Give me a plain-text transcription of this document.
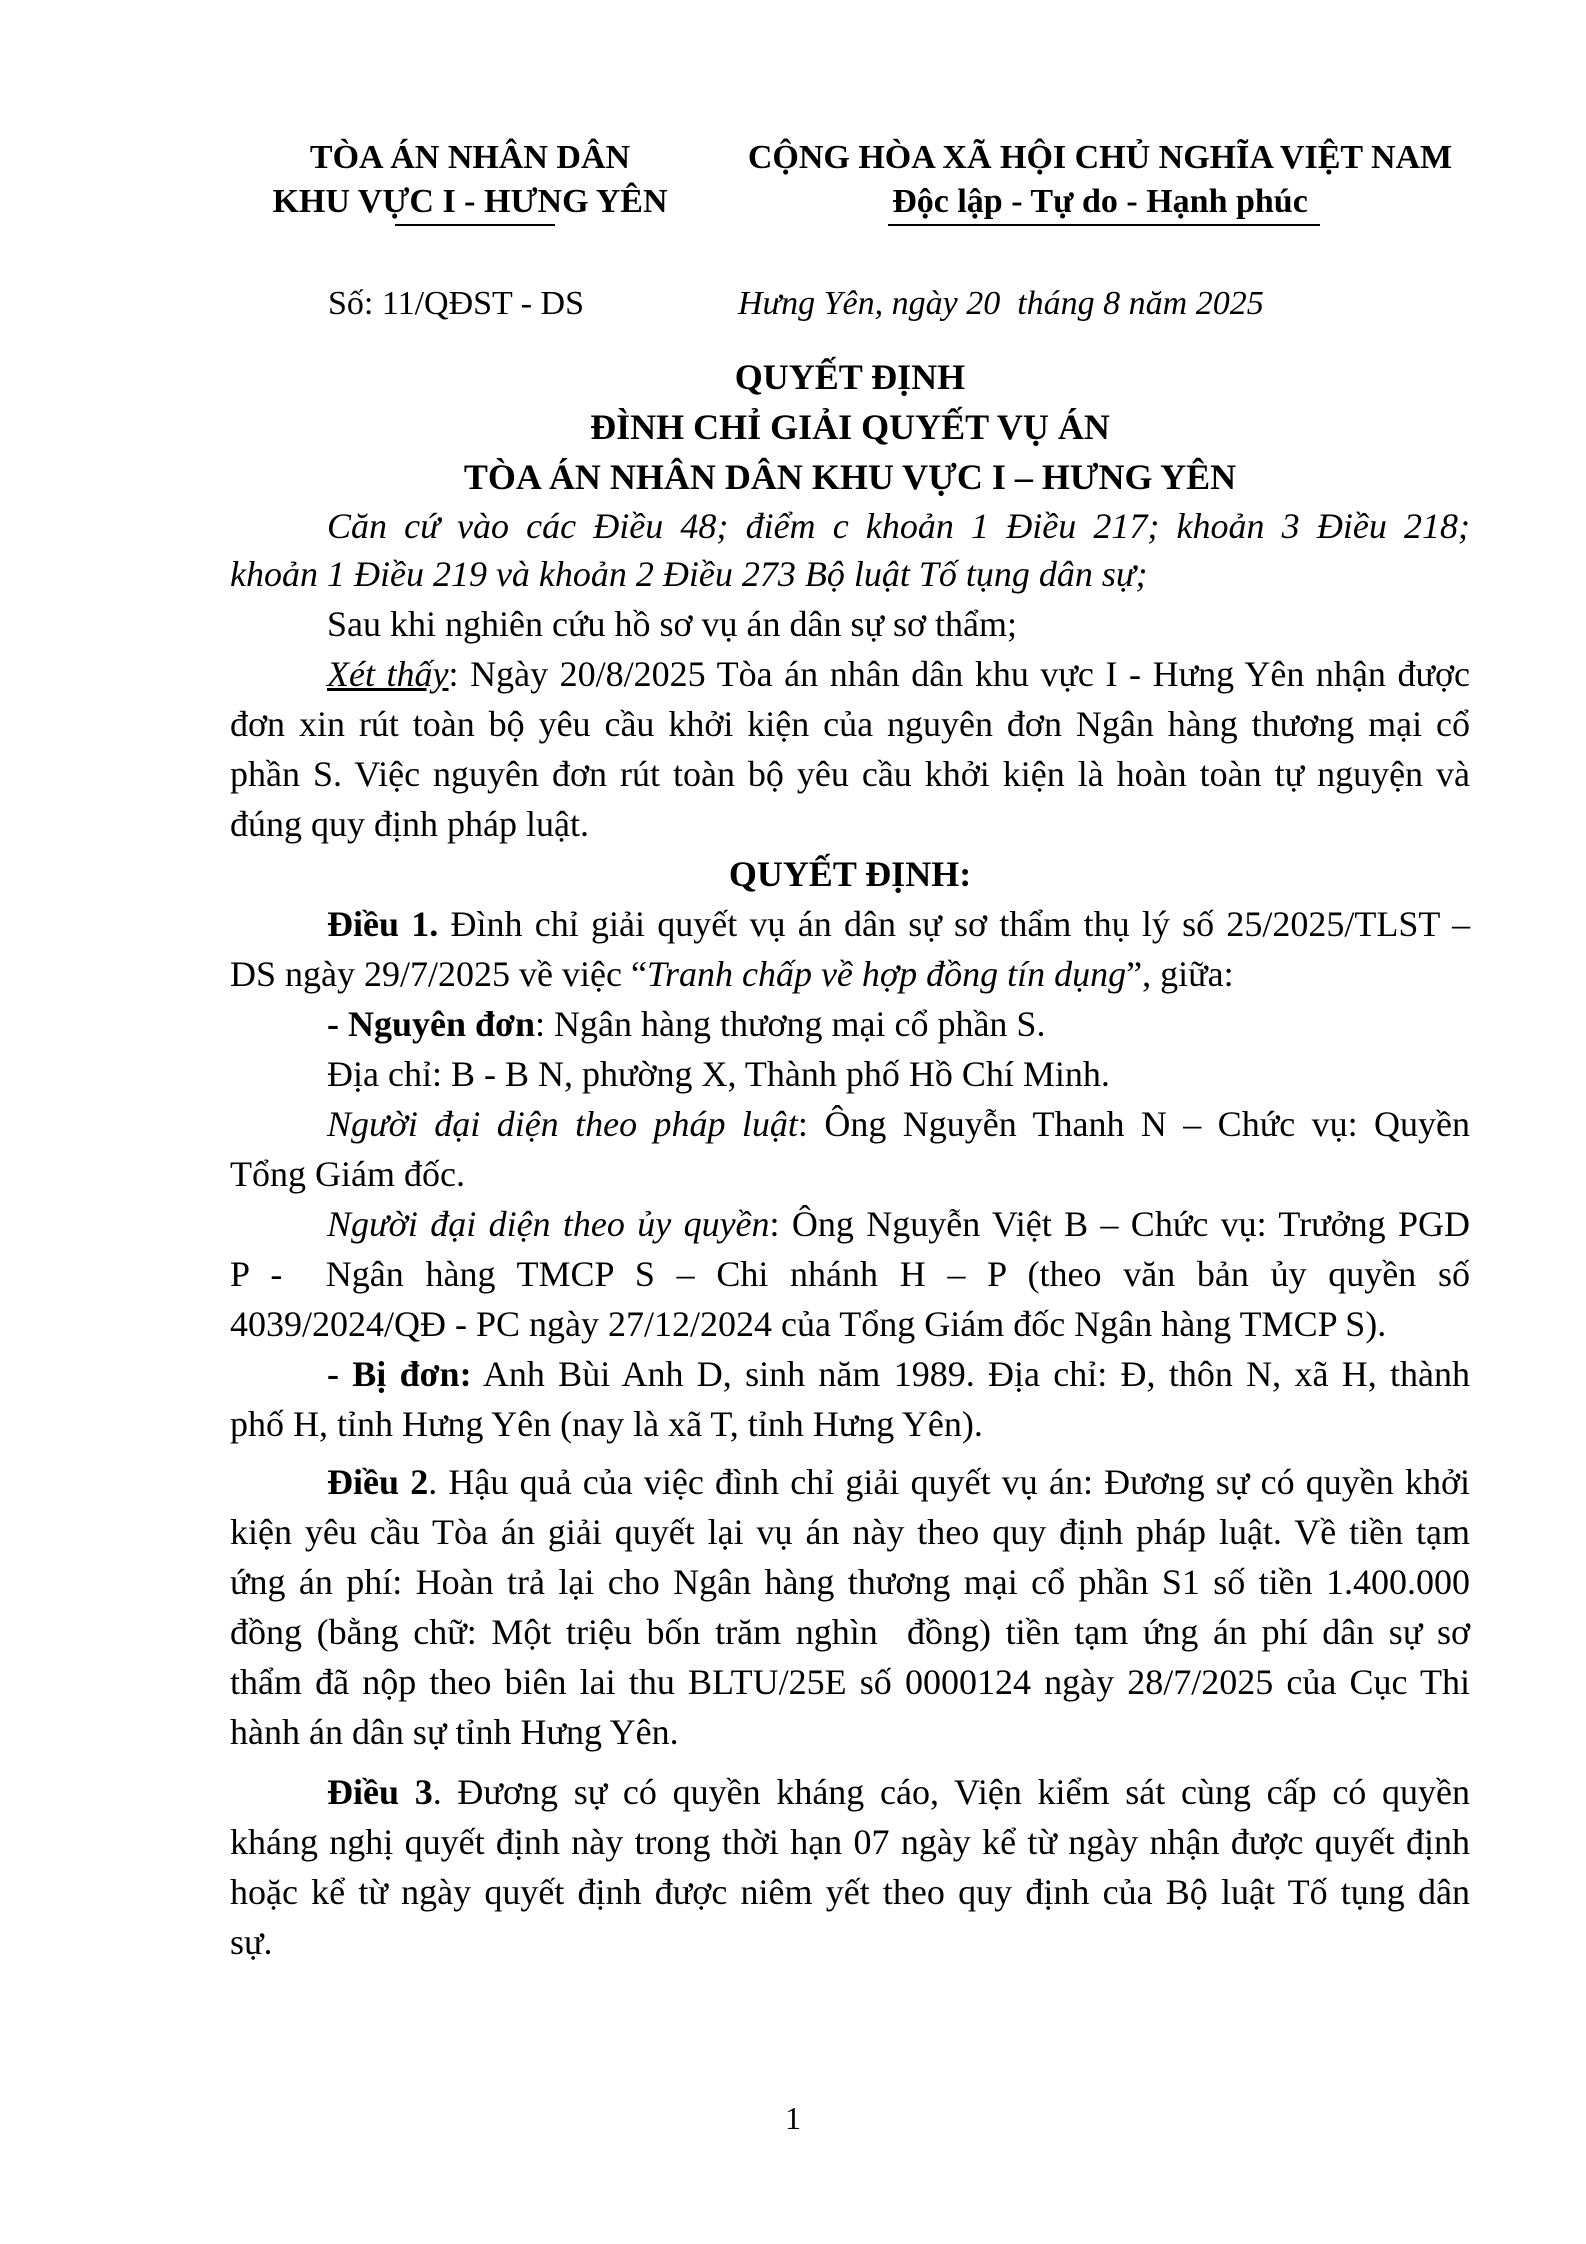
TÒA ÁN NHÂN DÂN
KHU VỰC I - HƯNG YÊN
CỘNG HÒA XÃ HỘI CHỦ NGHĨA VIỆT NAM
Độc lập - Tự do - Hạnh phúc
Số: 11/QĐST - DS	Hưng Yên, ngày 20  tháng 8 năm 2025
QUYẾT ĐỊNH
ĐÌNH CHỈ GIẢI QUYẾT VỤ ÁN
TÒA ÁN NHÂN DÂN KHU VỰC I – HƯNG YÊN
Căn cứ vào các Điều 48; điểm c khoản 1 Điều 217; khoản 3 Điều 218;
khoản 1 Điều 219 và khoản 2 Điều 273 Bộ luật Tố tụng dân sự;
Sau khi nghiên cứu hồ sơ vụ án dân sự sơ thẩm;
Xét thấy: Ngày 20/8/2025 Tòa án nhân dân khu vực I - Hưng Yên nhận được
đơn xin rút toàn bộ yêu cầu khởi kiện của nguyên đơn Ngân hàng thương mại cổ
phần S. Việc nguyên đơn rút toàn bộ yêu cầu khởi kiện là hoàn toàn tự nguyện và
đúng quy định pháp luật.
QUYẾT ĐỊNH:
Điều 1. Đình chỉ giải quyết vụ án dân sự sơ thẩm thụ lý số 25/2025/TLST –
DS ngày 29/7/2025 về việc “Tranh chấp về hợp đồng tín dụng”, giữa:
- Nguyên đơn: Ngân hàng thương mại cổ phần S.
Địa chỉ: B - B N, phường X, Thành phố Hồ Chí Minh.
Người đại diện theo pháp luật: Ông Nguyễn Thanh N – Chức vụ: Quyền
Tổng Giám đốc.
Người đại diện theo ủy quyền: Ông Nguyễn Việt B – Chức vụ: Trưởng PGD
P -  Ngân hàng TMCP S – Chi nhánh H – P (theo văn bản ủy quyền số
4039/2024/QĐ - PC ngày 27/12/2024 của Tổng Giám đốc Ngân hàng TMCP S).
- Bị đơn: Anh Bùi Anh D, sinh năm 1989. Địa chỉ: Đ, thôn N, xã H, thành
phố H, tỉnh Hưng Yên (nay là xã T, tỉnh Hưng Yên).
Điều 2. Hậu quả của việc đình chỉ giải quyết vụ án: Đương sự có quyền khởi
kiện yêu cầu Tòa án giải quyết lại vụ án này theo quy định pháp luật. Về tiền tạm
ứng án phí: Hoàn trả lại cho Ngân hàng thương mại cổ phần S1 số tiền 1.400.000
đồng (bằng chữ: Một triệu bốn trăm nghìn  đồng) tiền tạm ứng án phí dân sự sơ
thẩm đã nộp theo biên lai thu BLTU/25E số 0000124 ngày 28/7/2025 của Cục Thi
hành án dân sự tỉnh Hưng Yên.
Điều 3. Đương sự có quyền kháng cáo, Viện kiểm sát cùng cấp có quyền
kháng nghị quyết định này trong thời hạn 07 ngày kể từ ngày nhận được quyết định
hoặc kể từ ngày quyết định được niêm yết theo quy định của Bộ luật Tố tụng dân
sự.
1
